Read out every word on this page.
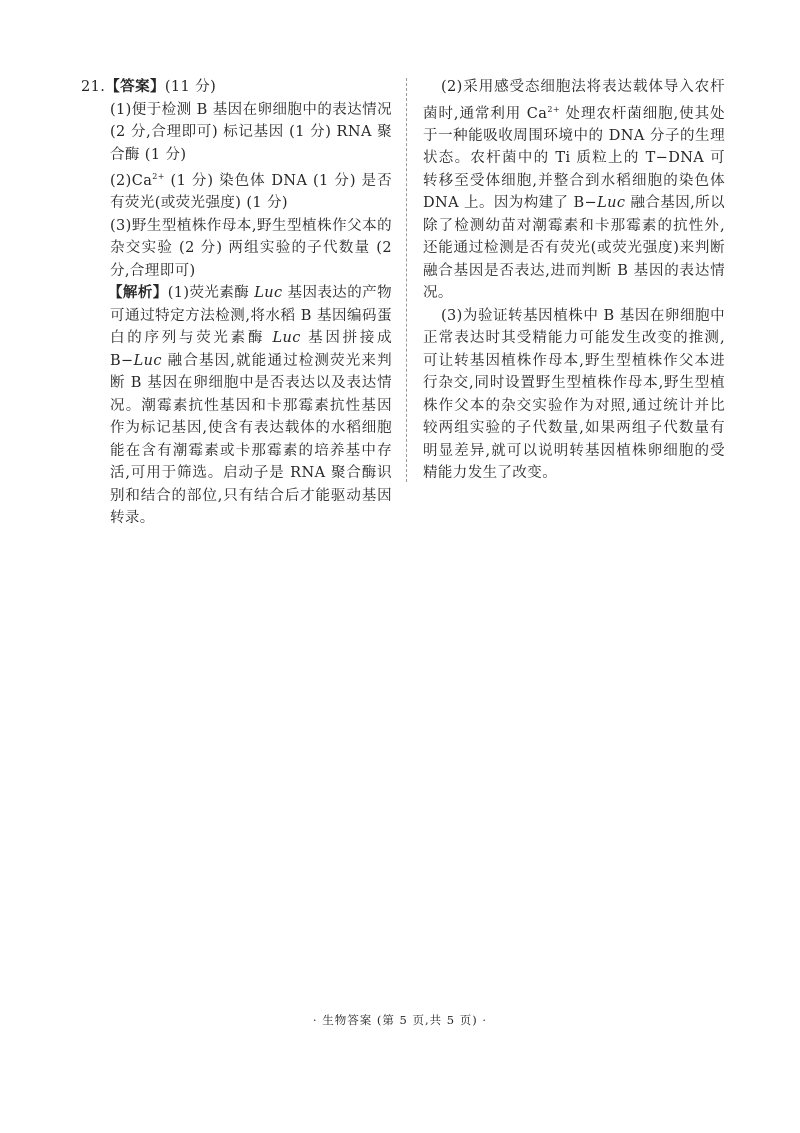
21.【答案】(11 分)

(1)便于检测 B 基因在卵细胞中的表达情况 (2 分,合理即可) 标记基因 (1 分) RNA 聚合酶 (1 分)

$(2)Ca^{2+}$ (1 分) 染色体 DNA (1 分) 是否有荧光(或荧光强度) (1 分)

(3)野生型植株作母本,野生型植株作父本的杂交实验 (2 分) 两组实验的子代数量 (2 分,合理即可)

【解析】(1)荧光素酶 Luc 基因表达的产物可通过特定方法检测,将水稻 B 基因编码蛋白的序列与荧光素酶 Luc 基因拼接成 B−Luc 融合基因,就能通过检测荧光来判断 B 基因在卵细胞中是否表达以及表达情况。潮霉素抗性基因和卡那霉素抗性基因作为标记基因,使含有表达载体的水稻细胞能在含有潮霉素或卡那霉素的培养基中存活,可用于筛选。启动子是 RNA 聚合酶识别和结合的部位,只有结合后才能驱动基因转录。

(2)采用感受态细胞法将表达载体导入农杆菌时,通常利用 $Ca^{2+}$ 处理农杆菌细胞,使其处于一种能吸收周围环境中的 DNA 分子的生理状态。农杆菌中的 Ti 质粒上的 T−DNA 可转移至受体细胞,并整合到水稻细胞的染色体 DNA 上。因为构建了 B−Luc 融合基因,所以除了检测幼苗对潮霉素和卡那霉素的抗性外,还能通过检测是否有荧光(或荧光强度)来判断融合基因是否表达,进而判断 B 基因的表达情况。

(3)为验证转基因植株中 B 基因在卵细胞中正常表达时其受精能力可能发生改变的推测,可让转基因植株作母本,野生型植株作父本进行杂交,同时设置野生型植株作母本,野生型植株作父本的杂交实验作为对照,通过统计并比较两组实验的子代数量,如果两组子代数量有明显差异,就可以说明转基因植株卵细胞的受精能力发生了改变。

· 生物答案 (第 5 页,共 5 页) ·
